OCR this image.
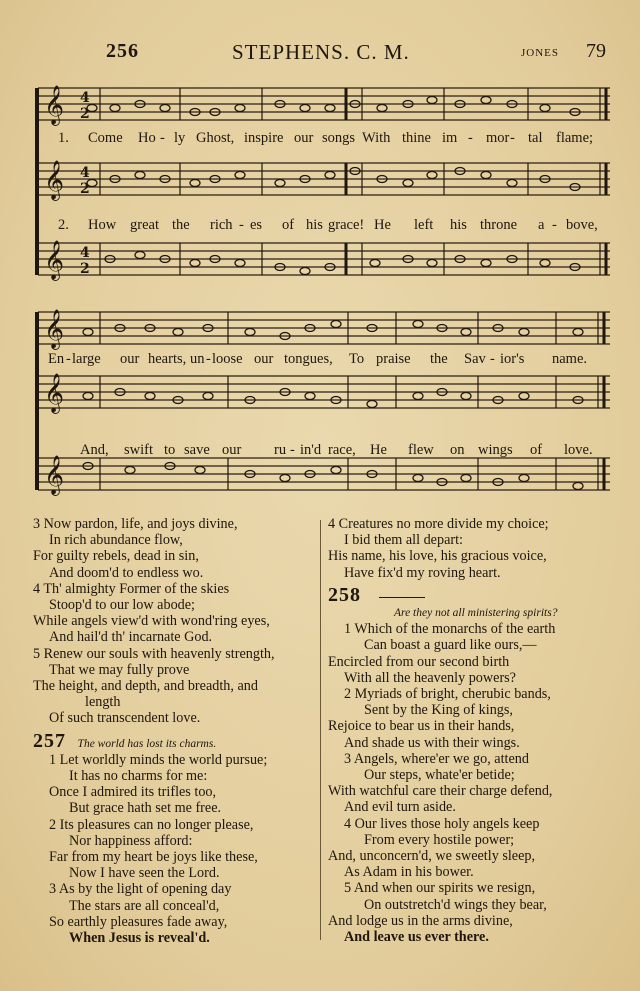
256	STEPHENS. C. M.	JONES 79
𝄞
𝄞
𝄞
4
2
4
2
4
2
1. Come Ho - ly Ghost, inspire our songs With thine im - mor - tal flame;
2. How great the rich - es of his grace! He left his throne a - bove,
𝄞
𝄞
𝄞
En - large our hearts, un - loose our tongues, To praise the Sav - ior's name.
And, swift to save our ru - in'd race, He flew on wings of love.
3 Now pardon, life, and joys divine,
In rich abundance flow,
For guilty rebels, dead in sin,
And doom'd to endless wo.
4 Th' almighty Former of the skies
Stoop'd to our low abode;
While angels view'd with wond'ring eyes,
And hail'd th' incarnate God.
5 Renew our souls with heavenly strength,
That we may fully prove
The height, and depth, and breadth, and
length
Of such transcendent love.
257 The world has lost its charms.
1 Let worldly minds the world pursue;
It has no charms for me:
Once I admired its trifles too,
But grace hath set me free.
2 Its pleasures can no longer please,
Nor happiness afford:
Far from my heart be joys like these,
Now I have seen the Lord.
3 As by the light of opening day
The stars are all conceal'd,
So earthly pleasures fade away,
When Jesus is reveal'd.
4 Creatures no more divide my choice;
I bid them all depart:
His name, his love, his gracious voice,
Have fix'd my roving heart.
258
Are they not all ministering spirits?
1 Which of the monarchs of the earth
Can boast a guard like ours,—
Encircled from our second birth
With all the heavenly powers?
2 Myriads of bright, cherubic bands,
Sent by the King of kings,
Rejoice to bear us in their hands,
And shade us with their wings.
3 Angels, where'er we go, attend
Our steps, whate'er betide;
With watchful care their charge defend,
And evil turn aside.
4 Our lives those holy angels keep
From every hostile power;
And, unconcern'd, we sweetly sleep,
As Adam in his bower.
5 And when our spirits we resign,
On outstretch'd wings they bear,
And lodge us in the arms divine,
And leave us ever there.
